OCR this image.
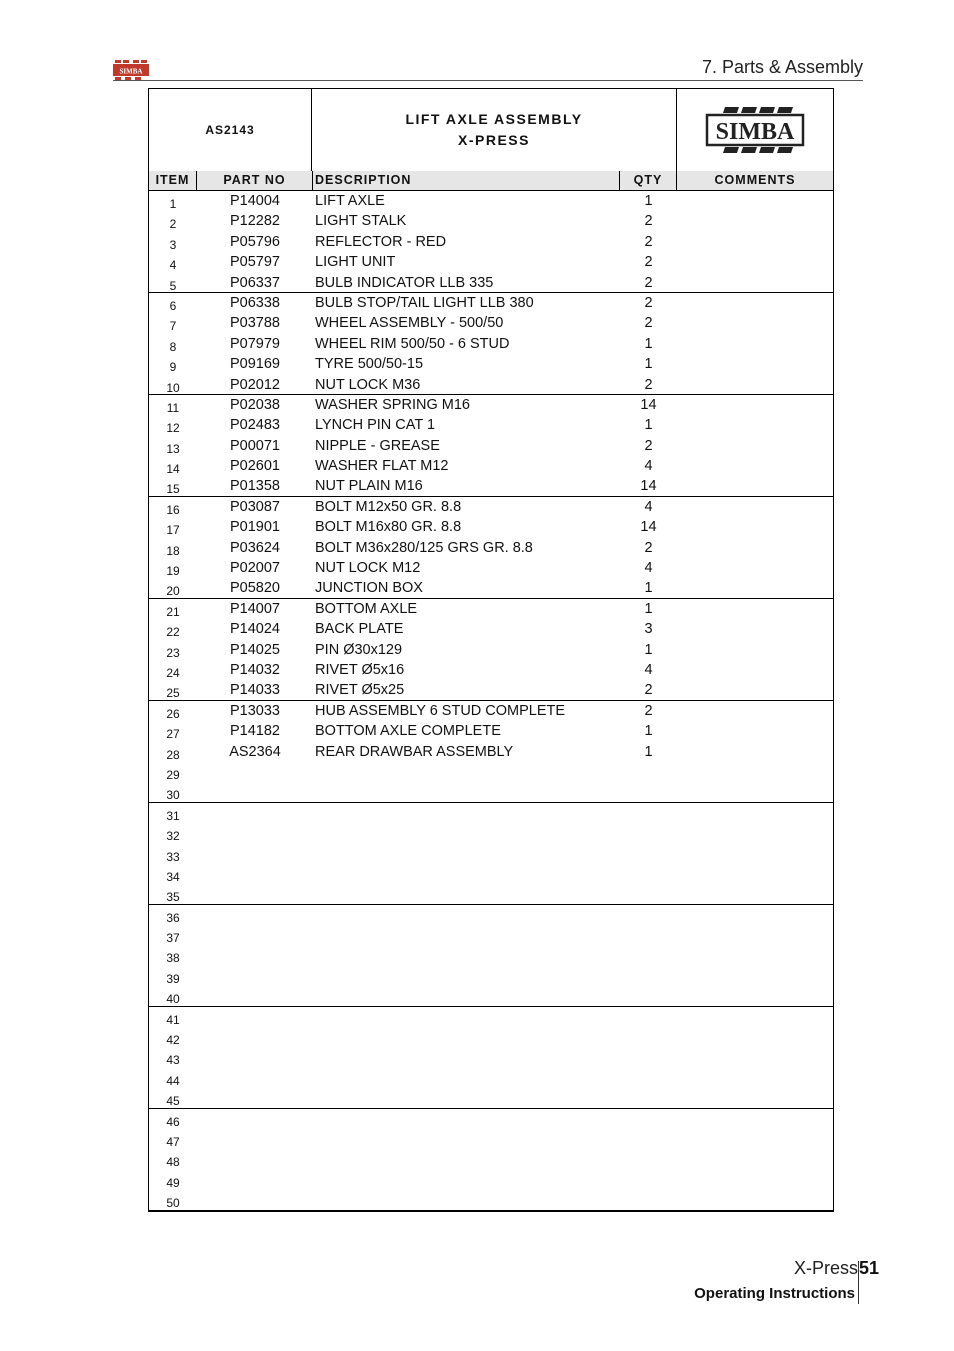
SIMBA	7. Parts & Assembly
AS2143
LIFT AXLE ASSEMBLY
X-PRESS	SIMBA
ITEM	PART NO	DESCRIPTION	QTY	COMMENTS
1	P14004	LIFT AXLE	1
2	P12282	LIGHT STALK	2
3	P05796	REFLECTOR - RED	2
4	P05797	LIGHT UNIT	2
5	P06337	BULB INDICATOR LLB 335	2
6	P06338	BULB STOP/TAIL LIGHT LLB 380	2
7	P03788	WHEEL ASSEMBLY - 500/50	2
8	P07979	WHEEL RIM 500/50 - 6 STUD	1
9	P09169	TYRE 500/50-15	1
10	P02012	NUT LOCK M36	2
11	P02038	WASHER SPRING M16	14
12	P02483	LYNCH PIN CAT 1	1
13	P00071	NIPPLE - GREASE	2
14	P02601	WASHER FLAT M12	4
15	P01358	NUT PLAIN M16	14
16	P03087	BOLT M12x50 GR. 8.8	4
17	P01901	BOLT M16x80 GR. 8.8	14
18	P03624	BOLT M36x280/125 GRS GR. 8.8	2
19	P02007	NUT LOCK M12	4
20	P05820	JUNCTION BOX	1
21	P14007	BOTTOM AXLE	1
22	P14024	BACK PLATE	3
23	P14025	PIN Ø30x129	1
24	P14032	RIVET Ø5x16	4
25	P14033	RIVET Ø5x25	2
26	P13033	HUB ASSEMBLY 6 STUD COMPLETE	2
27	P14182	BOTTOM AXLE COMPLETE	1
28	AS2364	REAR DRAWBAR ASSEMBLY	1
29
30
31
32
33
34
35
36
37
38
39
40
41
42
43
44
45
46
47
48
49
50
X-Press 51
Operating Instructions
